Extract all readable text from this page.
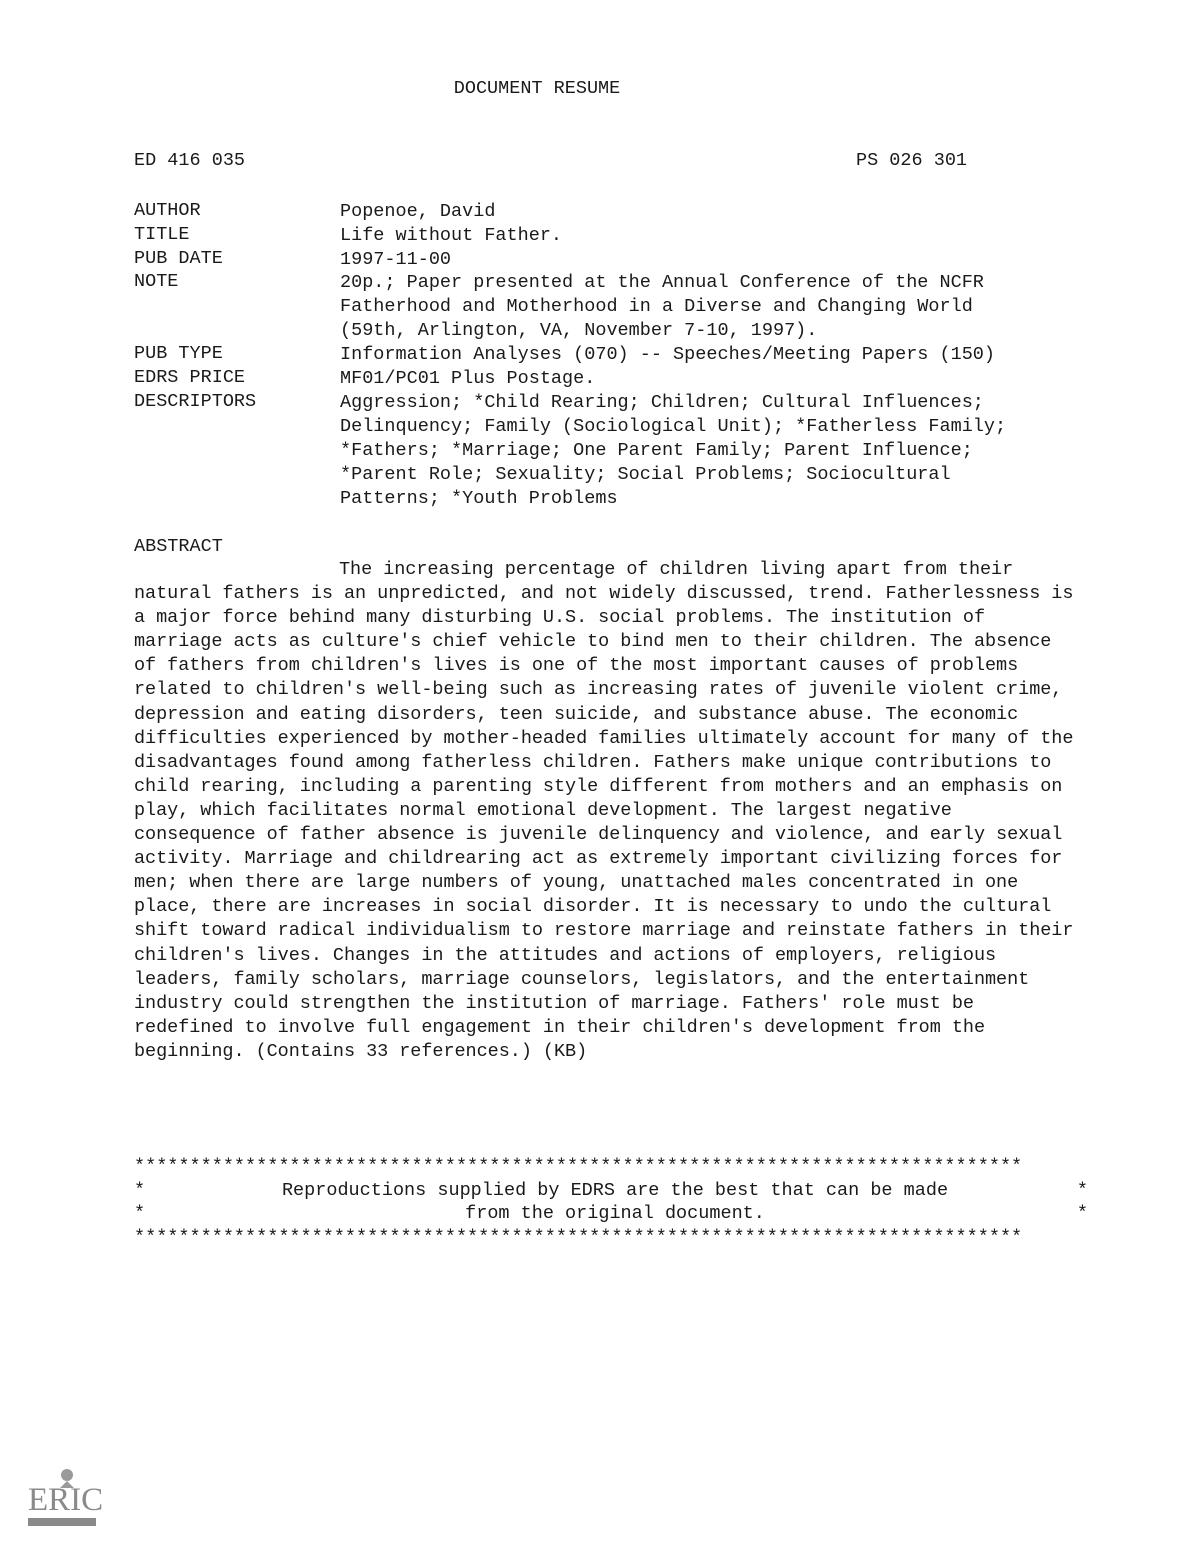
DOCUMENT RESUME
ED 416 035	PS 026 301
AUTHOR	Popenoe, David
TITLE	Life without Father.
PUB DATE	1997-11-00
NOTE	20p.; Paper presented at the Annual Conference of the NCFR
Fatherhood and Motherhood in a Diverse and Changing World
(59th, Arlington, VA, November 7-10, 1997).
PUB TYPE	Information Analyses (070) -- Speeches/Meeting Papers (150)
EDRS PRICE	MF01/PC01 Plus Postage.
DESCRIPTORS	Aggression; *Child Rearing; Children; Cultural Influences;
Delinquency; Family (Sociological Unit); *Fatherless Family;
*Fathers; *Marriage; One Parent Family; Parent Influence;
*Parent Role; Sexuality; Social Problems; Sociocultural
Patterns; *Youth Problems
ABSTRACT
The increasing percentage of children living apart from their natural fathers is an unpredicted, and not widely discussed, trend. Fatherlessness is a major force behind many disturbing U.S. social problems. The institution of marriage acts as culture's chief vehicle to bind men to their children. The absence of fathers from children's lives is one of the most important causes of problems related to children's well-being such as increasing rates of juvenile violent crime, depression and eating disorders, teen suicide, and substance abuse. The economic difficulties experienced by mother-headed families ultimately account for many of the disadvantages found among fatherless children. Fathers make unique contributions to child rearing, including a parenting style different from mothers and an emphasis on play, which facilitates normal emotional development. The largest negative consequence of father absence is juvenile delinquency and violence, and early sexual activity. Marriage and childrearing act as extremely important civilizing forces for men; when there are large numbers of young, unattached males concentrated in one place, there are increases in social disorder. It is necessary to undo the cultural shift toward radical individualism to restore marriage and reinstate fathers in their children's lives. Changes in the attitudes and actions of employers, religious leaders, family scholars, marriage counselors, legislators, and the entertainment industry could strengthen the institution of marriage. Fathers' role must be redefined to involve full engagement in their children's development from the beginning. (Contains 33 references.) (KB)
********************************************************************************
*	Reproductions supplied by EDRS are the best that can be made	*
*	from the original document.	*
********************************************************************************
ERIC
